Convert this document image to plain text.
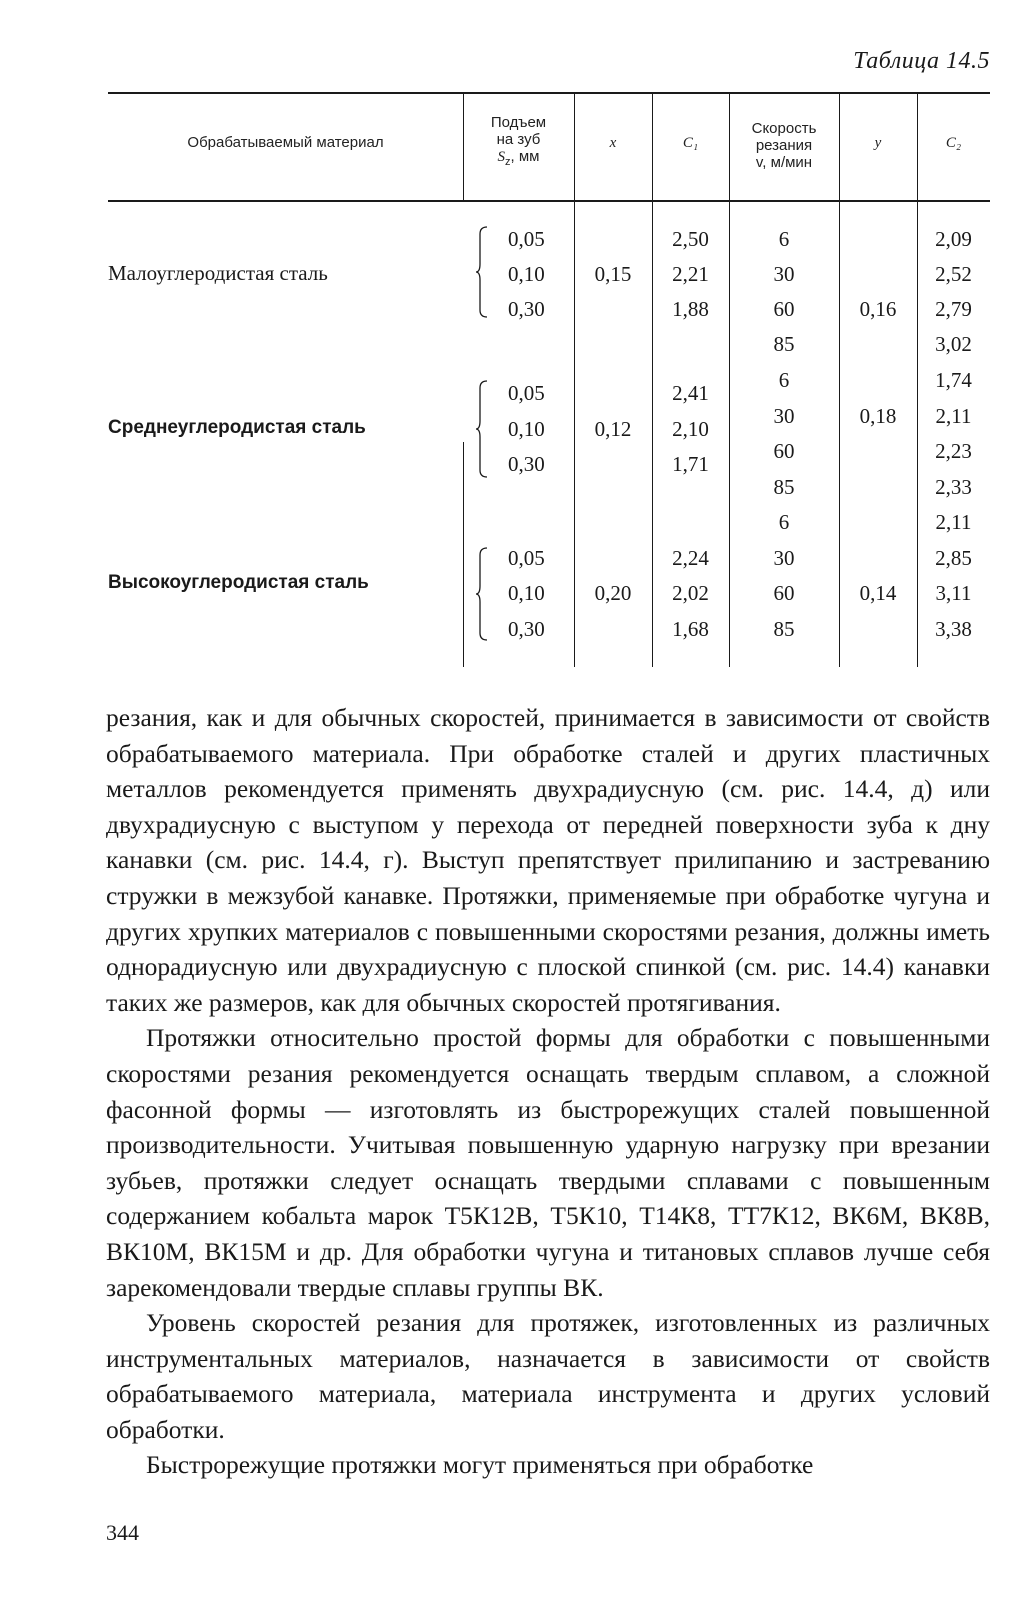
Таблица 14.5
Обрабатываемый материал
Подъем
на зуб
$S_z$, мм
x	C₁
Скорость
резания
v, м/мин
y	C₂
Малоуглеродистая сталь
0,05
0,10
0,30
0,15
2,50
2,21
1,88
6
30
60
85
0,16
2,09
2,52
2,79
3,02
Среднеуглеродистая сталь
0,05
0,10
0,30
0,12
2,41
2,10
1,71
6
30
60
85
0,18
1,74
2,11
2,23
2,33
Высокоуглеродистая сталь
0,05
0,10
0,30
0,20
2,24
2,02
1,68
6
30
60
85
0,14
2,11
2,85
3,11
3,38

резания, как и для обычных скоростей, принимается в зависимости от свойств обрабатываемого материала. При обработке сталей и других пластичных металлов рекомендуется применять двухрадиусную (см. рис. 14.4, д) или двухрадиусную с выступом у перехода от передней поверхности зуба к дну канавки (см. рис. 14.4, г). Выступ препятствует прилипанию и застреванию стружки в межзубой канавке. Протяжки, применяемые при обработке чугуна и других хрупких материалов с повышенными скоростями резания, должны иметь однорадиусную или двухрадиусную с плоской спинкой (см. рис. 14.4) канавки таких же размеров, как для обычных скоростей протягивания.

Протяжки относительно простой формы для обработки с повышенными скоростями резания рекомендуется оснащать твердым сплавом, а сложной фасонной формы — изготовлять из быстрорежущих сталей повышенной производительности. Учитывая повышенную ударную нагрузку при врезании зубьев, протяжки следует оснащать твердыми сплавами с повышенным содержанием кобальта марок Т5К12В, Т5К10, Т14К8, ТТ7К12, ВК6М, ВК8В, ВК10М, ВК15М и др. Для обработки чугуна и титановых сплавов лучше себя зарекомендовали твердые сплавы группы ВК.

Уровень скоростей резания для протяжек, изготовленных из различных инструментальных материалов, назначается в зависимости от свойств обрабатываемого материала, материала инструмента и других условий обработки.

Быстрорежущие протяжки могут применяться при обработке

344
